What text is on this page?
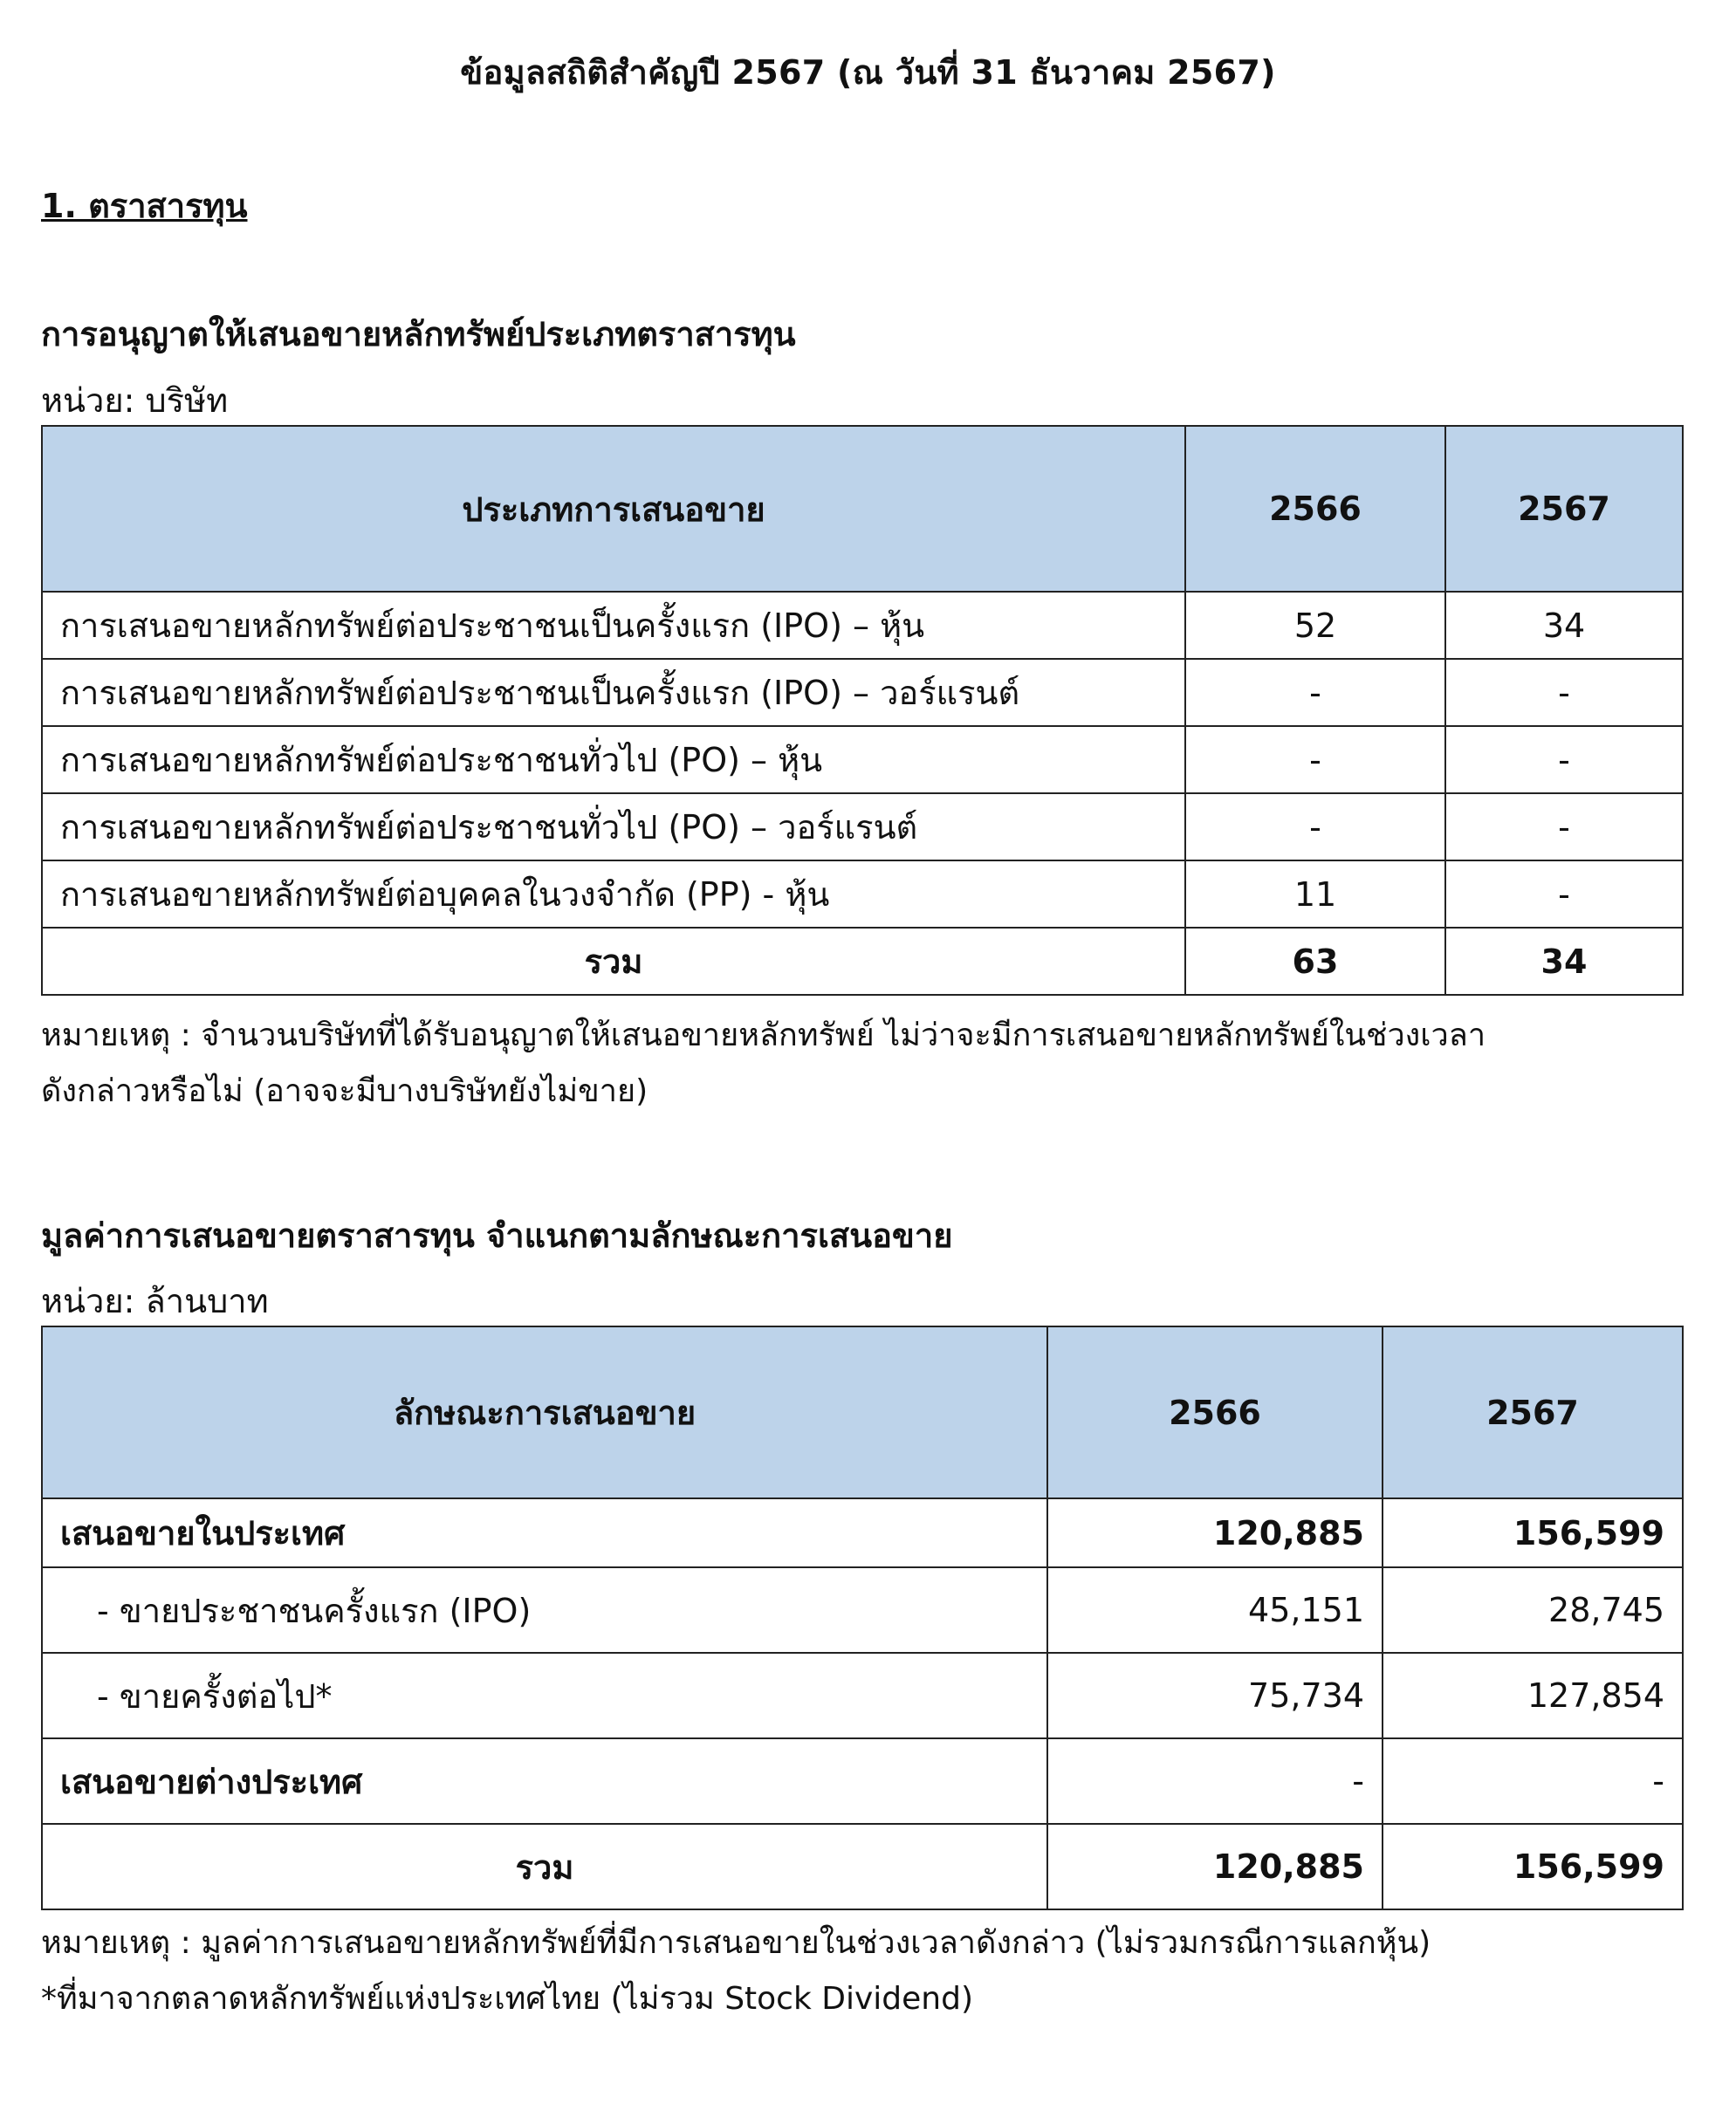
ข้อมูลสถิติสำคัญปี 2567 (ณ วันที่ 31 ธันวาคม 2567)
1. ตราสารทุน
การอนุญาตให้เสนอขายหลักทรัพย์ประเภทตราสารทุน
หน่วย: บริษัท
ประเภทการเสนอขาย	2566	2567
การเสนอขายหลักทรัพย์ต่อประชาชนเป็นครั้งแรก (IPO) – หุ้น	52	34
การเสนอขายหลักทรัพย์ต่อประชาชนเป็นครั้งแรก (IPO) – วอร์แรนต์	-	-
การเสนอขายหลักทรัพย์ต่อประชาชนทั่วไป (PO) – หุ้น	-	-
การเสนอขายหลักทรัพย์ต่อประชาชนทั่วไป (PO) – วอร์แรนต์	-	-
การเสนอขายหลักทรัพย์ต่อบุคคลในวงจำกัด (PP) - หุ้น	11	-
รวม	63	34
หมายเหตุ : จำนวนบริษัทที่ได้รับอนุญาตให้เสนอขายหลักทรัพย์ ไม่ว่าจะมีการเสนอขายหลักทรัพย์ในช่วงเวลา
ดังกล่าวหรือไม่ (อาจจะมีบางบริษัทยังไม่ขาย)
มูลค่าการเสนอขายตราสารทุน จำแนกตามลักษณะการเสนอขาย
หน่วย: ล้านบาท
ลักษณะการเสนอขาย	2566	2567
เสนอขายในประเทศ	120,885	156,599
- ขายประชาชนครั้งแรก (IPO)	45,151	28,745
- ขายครั้งต่อไป*	75,734	127,854
เสนอขายต่างประเทศ	-	-
รวม	120,885	156,599
หมายเหตุ : มูลค่าการเสนอขายหลักทรัพย์ที่มีการเสนอขายในช่วงเวลาดังกล่าว (ไม่รวมกรณีการแลกหุ้น)
*ที่มาจากตลาดหลักทรัพย์แห่งประเทศไทย (ไม่รวม Stock Dividend)
